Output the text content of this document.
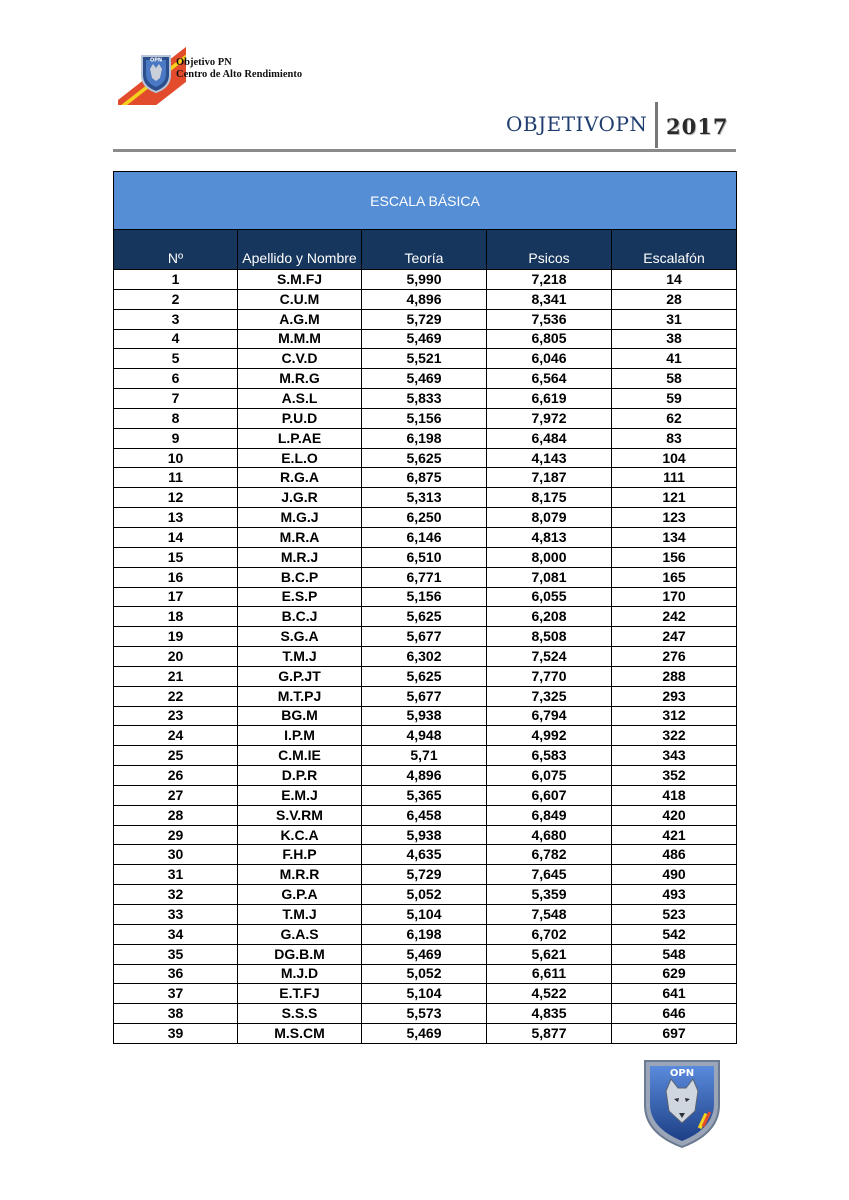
OPN Objetivo PN
Centro de Alto Rendimiento
OBJETIVOPN 2017
ESCALA BÁSICA				
Nº	Apellido y Nombre	Teoría	Psicos	Escalafón
1	S.M.FJ	5,990	7,218	14
2	C.U.M	4,896	8,341	28
3	A.G.M	5,729	7,536	31
4	M.M.M	5,469	6,805	38
5	C.V.D	5,521	6,046	41
6	M.R.G	5,469	6,564	58
7	A.S.L	5,833	6,619	59
8	P.U.D	5,156	7,972	62
9	L.P.AE	6,198	6,484	83
10	E.L.O	5,625	4,143	104
11	R.G.A	6,875	7,187	111
12	J.G.R	5,313	8,175	121
13	M.G.J	6,250	8,079	123
14	M.R.A	6,146	4,813	134
15	M.R.J	6,510	8,000	156
16	B.C.P	6,771	7,081	165
17	E.S.P	5,156	6,055	170
18	B.C.J	5,625	6,208	242
19	S.G.A	5,677	8,508	247
20	T.M.J	6,302	7,524	276
21	G.P.JT	5,625	7,770	288
22	M.T.PJ	5,677	7,325	293
23	BG.M	5,938	6,794	312
24	I.P.M	4,948	4,992	322
25	C.M.IE	5,71	6,583	343
26	D.P.R	4,896	6,075	352
27	E.M.J	5,365	6,607	418
28	S.V.RM	6,458	6,849	420
29	K.C.A	5,938	4,680	421
30	F.H.P	4,635	6,782	486
31	M.R.R	5,729	7,645	490
32	G.P.A	5,052	5,359	493
33	T.M.J	5,104	7,548	523
34	G.A.S	6,198	6,702	542
35	DG.B.M	5,469	5,621	548
36	M.J.D	5,052	6,611	629
37	E.T.FJ	5,104	4,522	641
38	S.S.S	5,573	4,835	646
39	M.S.CM	5,469	5,877	697
OPN
